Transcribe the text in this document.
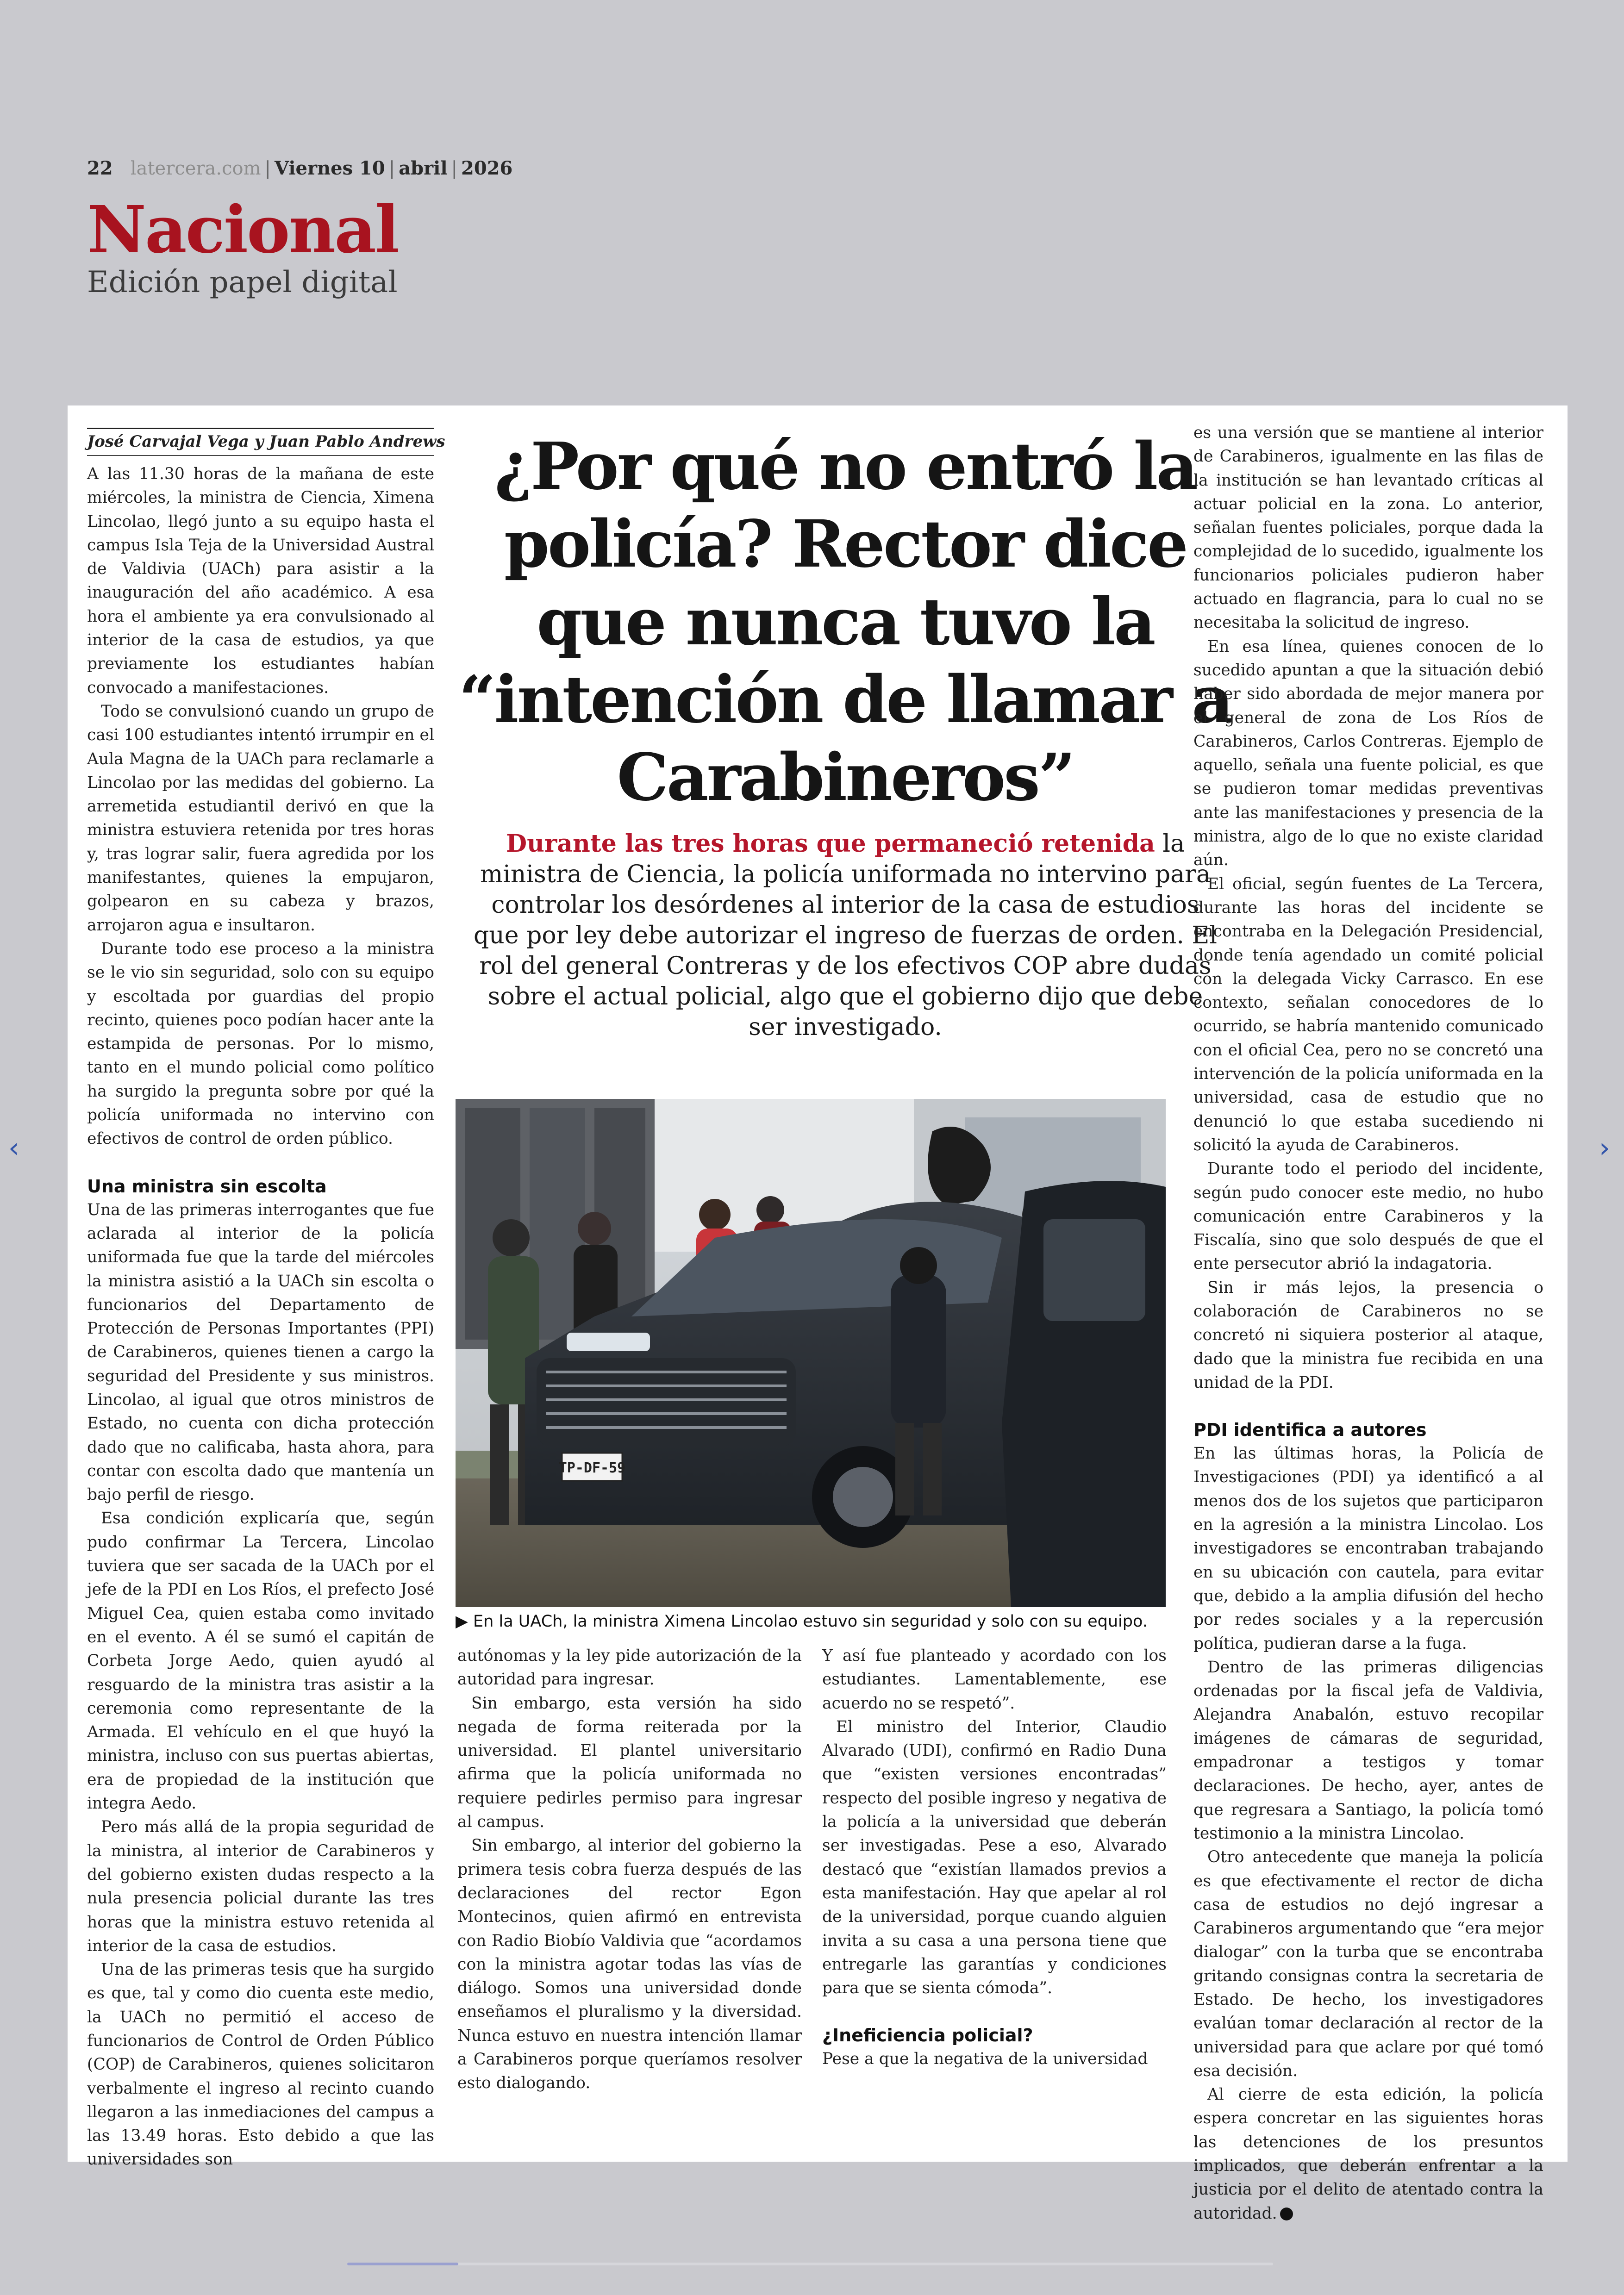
22 latercera.com | Viernes 10 | abril | 2026
Nacional
Edición papel digital
‹	›
José Carvajal Vega y Juan Pablo Andrews

A las 11.30 horas de la mañana de este miércoles, la ministra de Ciencia, Ximena Lincolao, llegó junto a su equipo hasta el campus Isla Teja de la Universidad Austral de Valdivia (UACh) para asistir a la inauguración del año académico. A esa hora el ambiente ya era convulsionado al interior de la casa de estudios, ya que previamente los estudiantes habían convocado a manifestaciones.

Todo se convulsionó cuando un grupo de casi 100 estudiantes intentó irrumpir en el Aula Magna de la UACh para reclamarle a Lincolao por las medidas del gobierno. La arremetida estudiantil derivó en que la ministra estuviera retenida por tres horas y, tras lograr salir, fuera agredida por los manifestantes, quienes la empujaron, golpearon en su cabeza y brazos, arrojaron agua e insultaron.

Durante todo ese proceso a la ministra se le vio sin seguridad, solo con su equipo y escoltada por guardias del propio recinto, quienes poco podían hacer ante la estampida de personas. Por lo mismo, tanto en el mundo policial como político ha surgido la pregunta sobre por qué la policía uniformada no intervino con efectivos de control de orden público.

Una ministra sin escolta

Una de las primeras interrogantes que fue aclarada al interior de la policía uniformada fue que la tarde del miércoles la ministra asistió a la UACh sin escolta o funcionarios del Departamento de Protección de Personas Importantes (PPI) de Carabineros, quienes tienen a cargo la seguridad del Presidente y sus ministros. Lincolao, al igual que otros ministros de Estado, no cuenta con dicha protección dado que no calificaba, hasta ahora, para contar con escolta dado que mantenía un bajo perfil de riesgo.

Esa condición explicaría que, según pudo confirmar La Tercera, Lincolao tuviera que ser sacada de la UACh por el jefe de la PDI en Los Ríos, el prefecto José Miguel Cea, quien estaba como invitado en el evento. A él se sumó el capitán de Corbeta Jorge Aedo, quien ayudó al resguardo de la ministra tras asistir a la ceremonia como representante de la Armada. El vehículo en el que huyó la ministra, incluso con sus puertas abiertas, era de propiedad de la institución que integra Aedo.

Pero más allá de la propia seguridad de la ministra, al interior de Carabineros y del gobierno existen dudas respecto a la nula presencia policial durante las tres horas que la ministra estuvo retenida al interior de la casa de estudios.

Una de las primeras tesis que ha surgido es que, tal y como dio cuenta este medio, la UACh no permitió el acceso de funcionarios de Control de Orden Público (COP) de Carabineros, quienes solicitaron verbalmente el ingreso al recinto cuando llegaron a las inmediaciones del campus a las 13.49 horas. Esto debido a que las universidades son

¿Por qué no entró la policía? Rector dice que nunca tuvo la “intención de llamar a Carabineros”

Durante las tres horas que permaneció retenida la ministra de Ciencia, la policía uniformada no intervino para controlar los desórdenes al interior de la casa de estudios que por ley debe autorizar el ingreso de fuerzas de orden. El rol del general Contreras y de los efectivos COP abre dudas sobre el actual policial, algo que el gobierno dijo que debe ser investigado.

TP-DF-59
▶ En la UACh, la ministra Ximena Lincolao estuvo sin seguridad y solo con su equipo.

autónomas y la ley pide autorización de la autoridad para ingresar.

Sin embargo, esta versión ha sido negada de forma reiterada por la universidad. El plantel universitario afirma que la policía uniformada no requiere pedirles permiso para ingresar al campus.

Sin embargo, al interior del gobierno la primera tesis cobra fuerza después de las declaraciones del rector Egon Montecinos, quien afirmó en entrevista con Radio Biobío Valdivia que “acordamos con la ministra agotar todas las vías de diálogo. Somos una universidad donde enseñamos el pluralismo y la diversidad. Nunca estuvo en nuestra intención llamar a Carabineros porque queríamos resolver esto dialogando.

Y así fue planteado y acordado con los estudiantes. Lamentablemente, ese acuerdo no se respetó”.

El ministro del Interior, Claudio Alvarado (UDI), confirmó en Radio Duna que “existen versiones encontradas” respecto del posible ingreso y negativa de la policía a la universidad que deberán ser investigadas. Pese a eso, Alvarado destacó que “existían llamados previos a esta manifestación. Hay que apelar al rol de la universidad, porque cuando alguien invita a su casa a una persona tiene que entregarle las garantías y condiciones para que se sienta cómoda”.

¿Ineficiencia policial?

Pese a que la negativa de la universidad

es una versión que se mantiene al interior de Carabineros, igualmente en las filas de la institución se han levantado críticas al actuar policial en la zona. Lo anterior, señalan fuentes policiales, porque dada la complejidad de lo sucedido, igualmente los funcionarios policiales pudieron haber actuado en flagrancia, para lo cual no se necesitaba la solicitud de ingreso.

En esa línea, quienes conocen de lo sucedido apuntan a que la situación debió haber sido abordada de mejor manera por el general de zona de Los Ríos de Carabineros, Carlos Contreras. Ejemplo de aquello, señala una fuente policial, es que se pudieron tomar medidas preventivas ante las manifestaciones y presencia de la ministra, algo de lo que no existe claridad aún.

El oficial, según fuentes de La Tercera, durante las horas del incidente se encontraba en la Delegación Presidencial, donde tenía agendado un comité policial con la delegada Vicky Carrasco. En ese contexto, señalan conocedores de lo ocurrido, se habría mantenido comunicado con el oficial Cea, pero no se concretó una intervención de la policía uniformada en la universidad, casa de estudio que no denunció lo que estaba sucediendo ni solicitó la ayuda de Carabineros.

Durante todo el periodo del incidente, según pudo conocer este medio, no hubo comunicación entre Carabineros y la Fiscalía, sino que solo después de que el ente persecutor abrió la indagatoria.

Sin ir más lejos, la presencia o colaboración de Carabineros no se concretó ni siquiera posterior al ataque, dado que la ministra fue recibida en una unidad de la PDI.

PDI identifica a autores

En las últimas horas, la Policía de Investigaciones (PDI) ya identificó a al menos dos de los sujetos que participaron en la agresión a la ministra Lincolao. Los investigadores se encontraban trabajando en su ubicación con cautela, para evitar que, debido a la amplia difusión del hecho por redes sociales y a la repercusión política, pudieran darse a la fuga.

Dentro de las primeras diligencias ordenadas por la fiscal jefa de Valdivia, Alejandra Anabalón, estuvo recopilar imágenes de cámaras de seguridad, empadronar a testigos y tomar declaraciones. De hecho, ayer, antes de que regresara a Santiago, la policía tomó testimonio a la ministra Lincolao.

Otro antecedente que maneja la policía es que efectivamente el rector de dicha casa de estudios no dejó ingresar a Carabineros argumentando que “era mejor dialogar” con la turba que se encontraba gritando consignas contra la secretaria de Estado. De hecho, los investigadores evalúan tomar declaración al rector de la universidad para que aclare por qué tomó esa decisión.

Al cierre de esta edición, la policía espera concretar en las siguientes horas las detenciones de los presuntos implicados, que deberán enfrentar a la justicia por el delito de atentado contra la autoridad.
